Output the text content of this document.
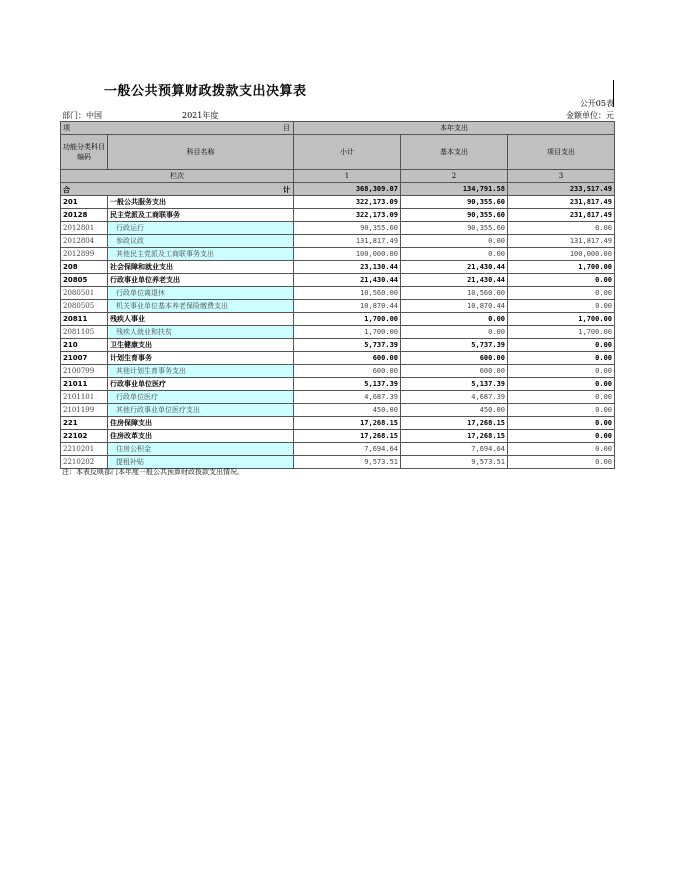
一般公共预算财政拨款支出决算表
公开05表
部门：中国	2021年度	金额单位：元
项 目		本年支出		
功能分类科目编码	科目名称	小计	基本支出	项目支出
栏次		1	2	3
合 计		368,309.07	134,791.58	233,517.49
201	一般公共服务支出	322,173.09	90,355.60	231,817.49
20128	民主党派及工商联事务	322,173.09	90,355.60	231,817.49
2012801	行政运行	90,355.60	90,355.60	0.00
2012804	参政议政	131,817.49	0.00	131,817.49
2012899	其他民主党派及工商联事务支出	100,000.00	0.00	100,000.00
208	社会保障和就业支出	23,130.44	21,430.44	1,700.00
20805	行政事业单位养老支出	21,430.44	21,430.44	0.00
2080501	行政单位离退休	10,560.00	10,560.00	0.00
2080505	机关事业单位基本养老保险缴费支出	10,870.44	10,870.44	0.00
20811	残疾人事业	1,700.00	0.00	1,700.00
2081105	残疾人就业和扶贫	1,700.00	0.00	1,700.00
210	卫生健康支出	5,737.39	5,737.39	0.00
21007	计划生育事务	600.00	600.00	0.00
2100799	其他计划生育事务支出	600.00	600.00	0.00
21011	行政事业单位医疗	5,137.39	5,137.39	0.00
2101101	行政单位医疗	4,687.39	4,687.39	0.00
2101199	其他行政事业单位医疗支出	450.00	450.00	0.00
221	住房保障支出	17,268.15	17,268.15	0.00
22102	住房改革支出	17,268.15	17,268.15	0.00
2210201	住房公积金	7,694.64	7,694.64	0.00
2210202	提租补贴	9,573.51	9,573.51	0.00
注：本表反映部门本年度一般公共预算财政拨款支出情况。
